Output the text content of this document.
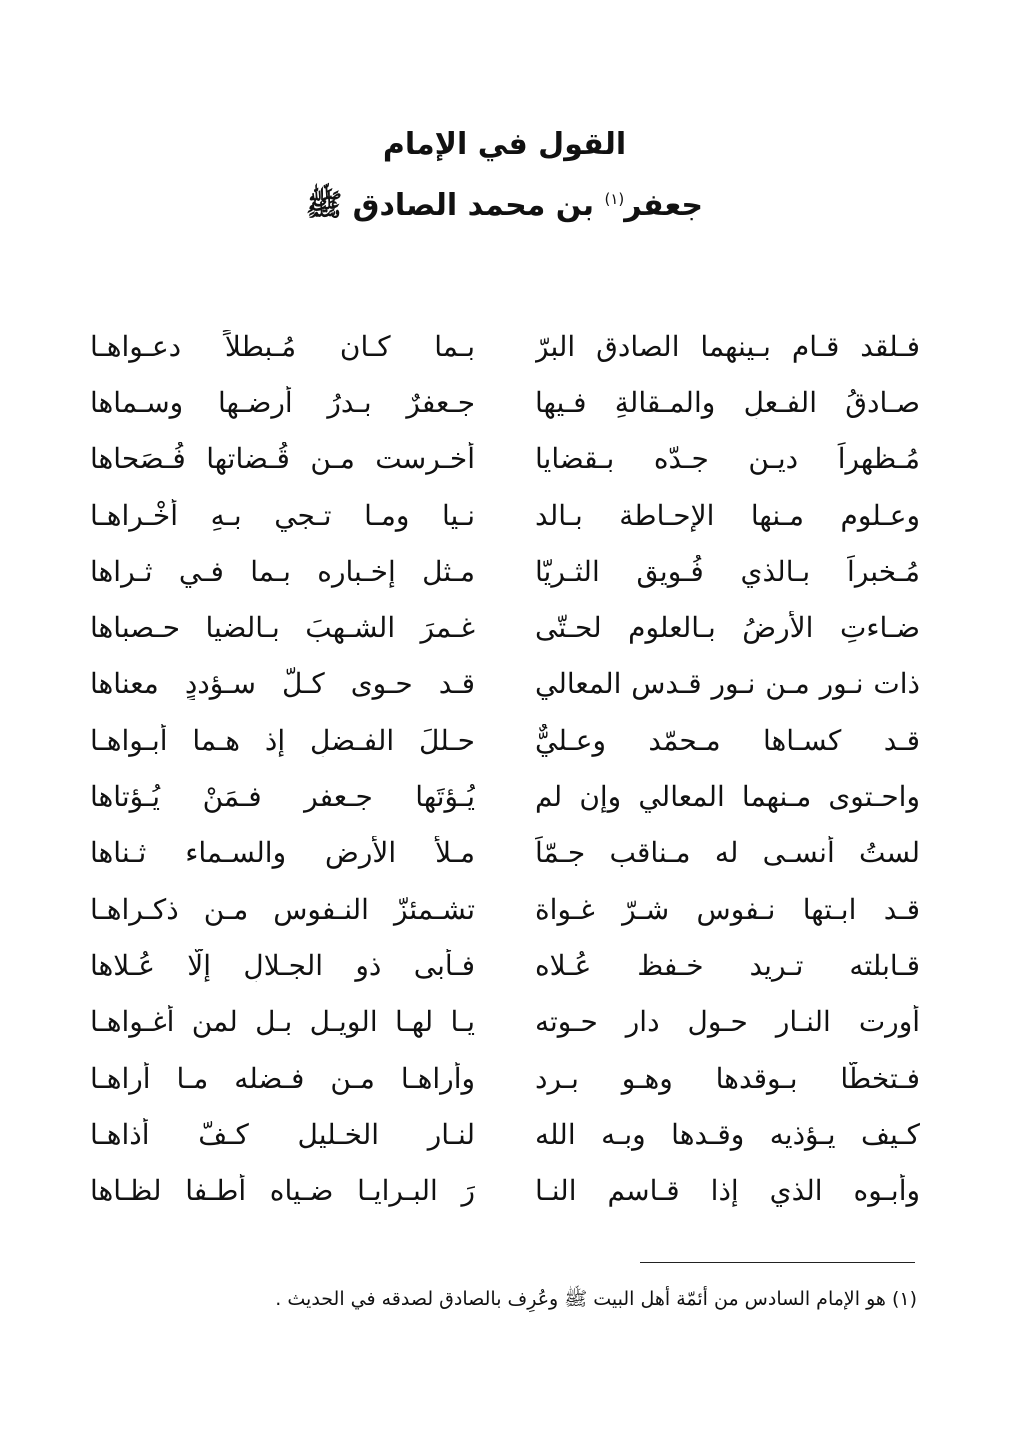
القول في الإمام
جعفر$^{(١)}$ بن محمد الصادق ﷺ
فـلقد قـام بـينهما الصادق البرّ
بـما كـان مُـبطلاً دعـواهـا
صـادقُ الفـعلِ والمـقالةِ فـيها
جـعفرٌ بـدرُ أرضـها وسـماها
مُـظهراً ديـن جـدّه بـقضايا
أخـرست مـن قُـضاتها فُـصَحاها
وعـلومٍ مـنها الإحـاطة بـالد
نـيا ومـا تـجي بـهِ أُخْـراهـا
مُـخبراً بـالذي فُـويق الثـريّا
مـثل إخـباره بـما فـي ثـراها
ضـاءتِ الأرضُ بـالعلوم لحـتّى
غـمرَ الشـهبَ بـالضيا حـصباها
ذات نـور مـن نـور قـدسِ المعالي
قـد حـوى كـلّ سـؤددٍ معناها
قـد كسـاها مـحمّد وعـليٌّ
حـللَ الفـضلِ إذ هـما أبـواهـا
واحـتوى مـنهما المعالي وإن لم
يُـؤتَها جـعفر فـمَنْ يُـؤتاها
لستُ أنسـى له مـناقب جـمّاً
مـلأ الأرض والسـماء ثـناها
قـد ابـتها نـفوس شـرّ غـواة
تشـمئزّ النـفوس مـن ذكـراهـا
قـابلته تـريد خـفظ عُـلاه
فـأبى ذو الجـلالِ إلّا عُـلاها
أورت النـار حـول دارٍ حـوته
يـا لهـا الويـل بـل لمن أغـواهـا
فـتخطّا بـوقدها وهـو بـرد
وأراهـا مـن فـضله مـا أراهـا
كـيف يـؤذيه وقـدها وبـه الله
لنـار الخـليل كـفّ أذاهـا
وأبـوه الذي إذا قـاسم النـا
رَ البـرايـا ضـياه أطـفا لظـاها
(١) هو الإمام السادس من أئمّة أهل البيت ﷺ وعُرِف بالصادق لصدقه في الحديث .
